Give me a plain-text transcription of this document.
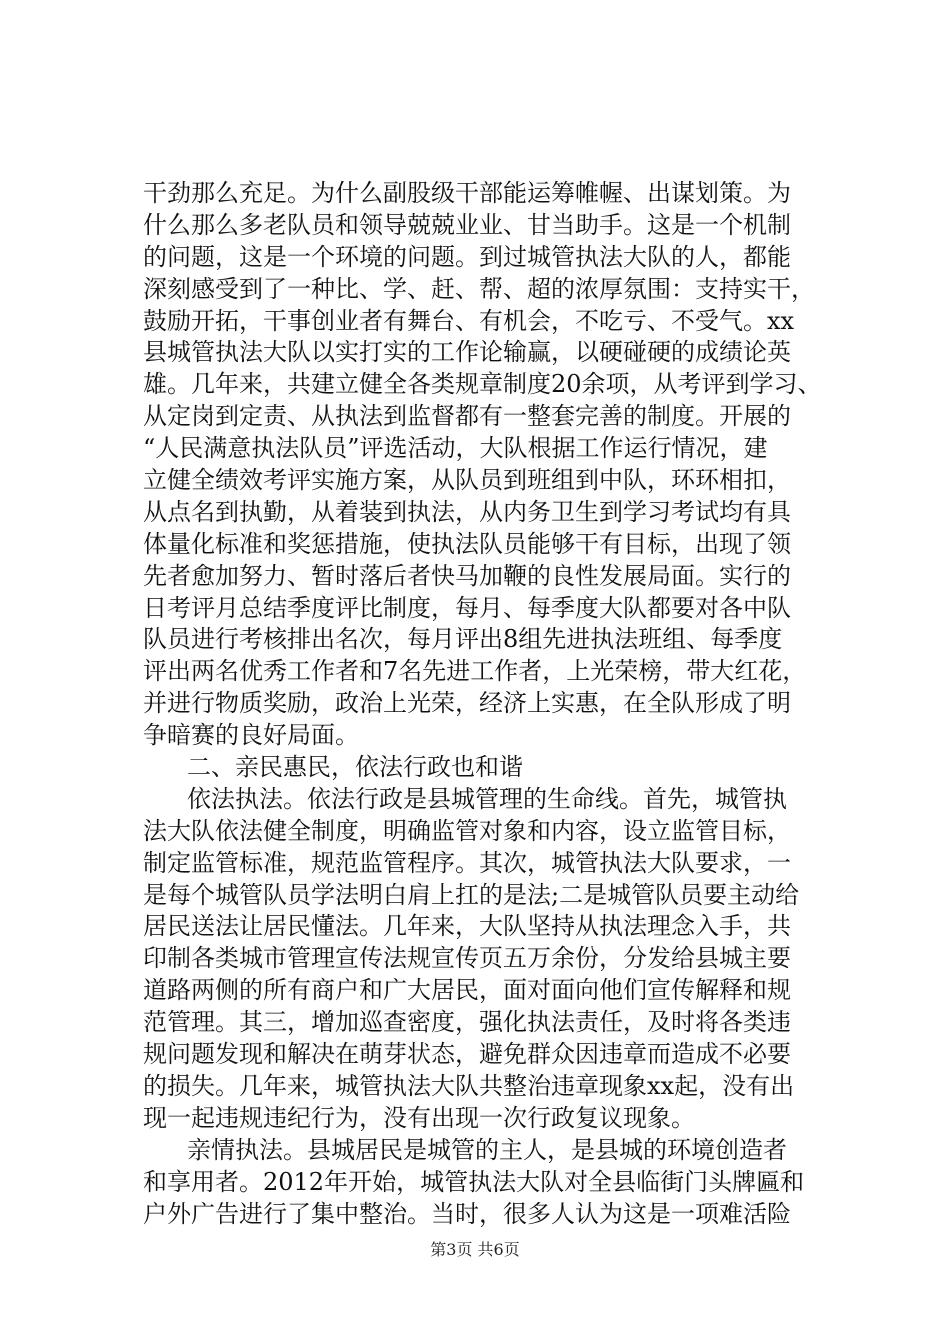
干劲那么充足。为什么副股级干部能运筹帷幄、出谋划策。为
什么那么多老队员和领导兢兢业业、甘当助手。这是一个机制
的问题，这是一个环境的问题。到过城管执法大队的人，都能
深刻感受到了一种比、学、赶、帮、超的浓厚氛围：支持实干，
鼓励开拓，干事创业者有舞台、有机会，不吃亏、不受气。xx
县城管执法大队以实打实的工作论输赢，以硬碰硬的成绩论英
雄。几年来，共建立健全各类规章制度20余项，从考评到学习、
从定岗到定责、从执法到监督都有一整套完善的制度。开展的
“人民满意执法队员”评选活动，大队根据工作运行情况，建
立健全绩效考评实施方案，从队员到班组到中队，环环相扣，
从点名到执勤，从着装到执法，从内务卫生到学习考试均有具
体量化标准和奖惩措施，使执法队员能够干有目标，出现了领
先者愈加努力、暂时落后者快马加鞭的良性发展局面。实行的
日考评月总结季度评比制度，每月、每季度大队都要对各中队
队员进行考核排出名次，每月评出8组先进执法班组、每季度
评出两名优秀工作者和7名先进工作者，上光荣榜，带大红花，
并进行物质奖励，政治上光荣，经济上实惠，在全队形成了明
争暗赛的良好局面。
二、亲民惠民，依法行政也和谐
依法执法。依法行政是县城管理的生命线。首先，城管执
法大队依法健全制度，明确监管对象和内容，设立监管目标，
制定监管标准，规范监管程序。其次，城管执法大队要求，一
是每个城管队员学法明白肩上扛的是法;二是城管队员要主动给
居民送法让居民懂法。几年来，大队坚持从执法理念入手，共
印制各类城市管理宣传法规宣传页五万余份，分发给县城主要
道路两侧的所有商户和广大居民，面对面向他们宣传解释和规
范管理。其三，增加巡查密度，强化执法责任，及时将各类违
规问题发现和解决在萌芽状态，避免群众因违章而造成不必要
的损失。几年来，城管执法大队共整治违章现象xx起，没有出
现一起违规违纪行为，没有出现一次行政复议现象。
亲情执法。县城居民是城管的主人，是县城的环境创造者
和享用者。2012年开始，城管执法大队对全县临街门头牌匾和
户外广告进行了集中整治。当时，很多人认为这是一项难活险
第3页 共6页
